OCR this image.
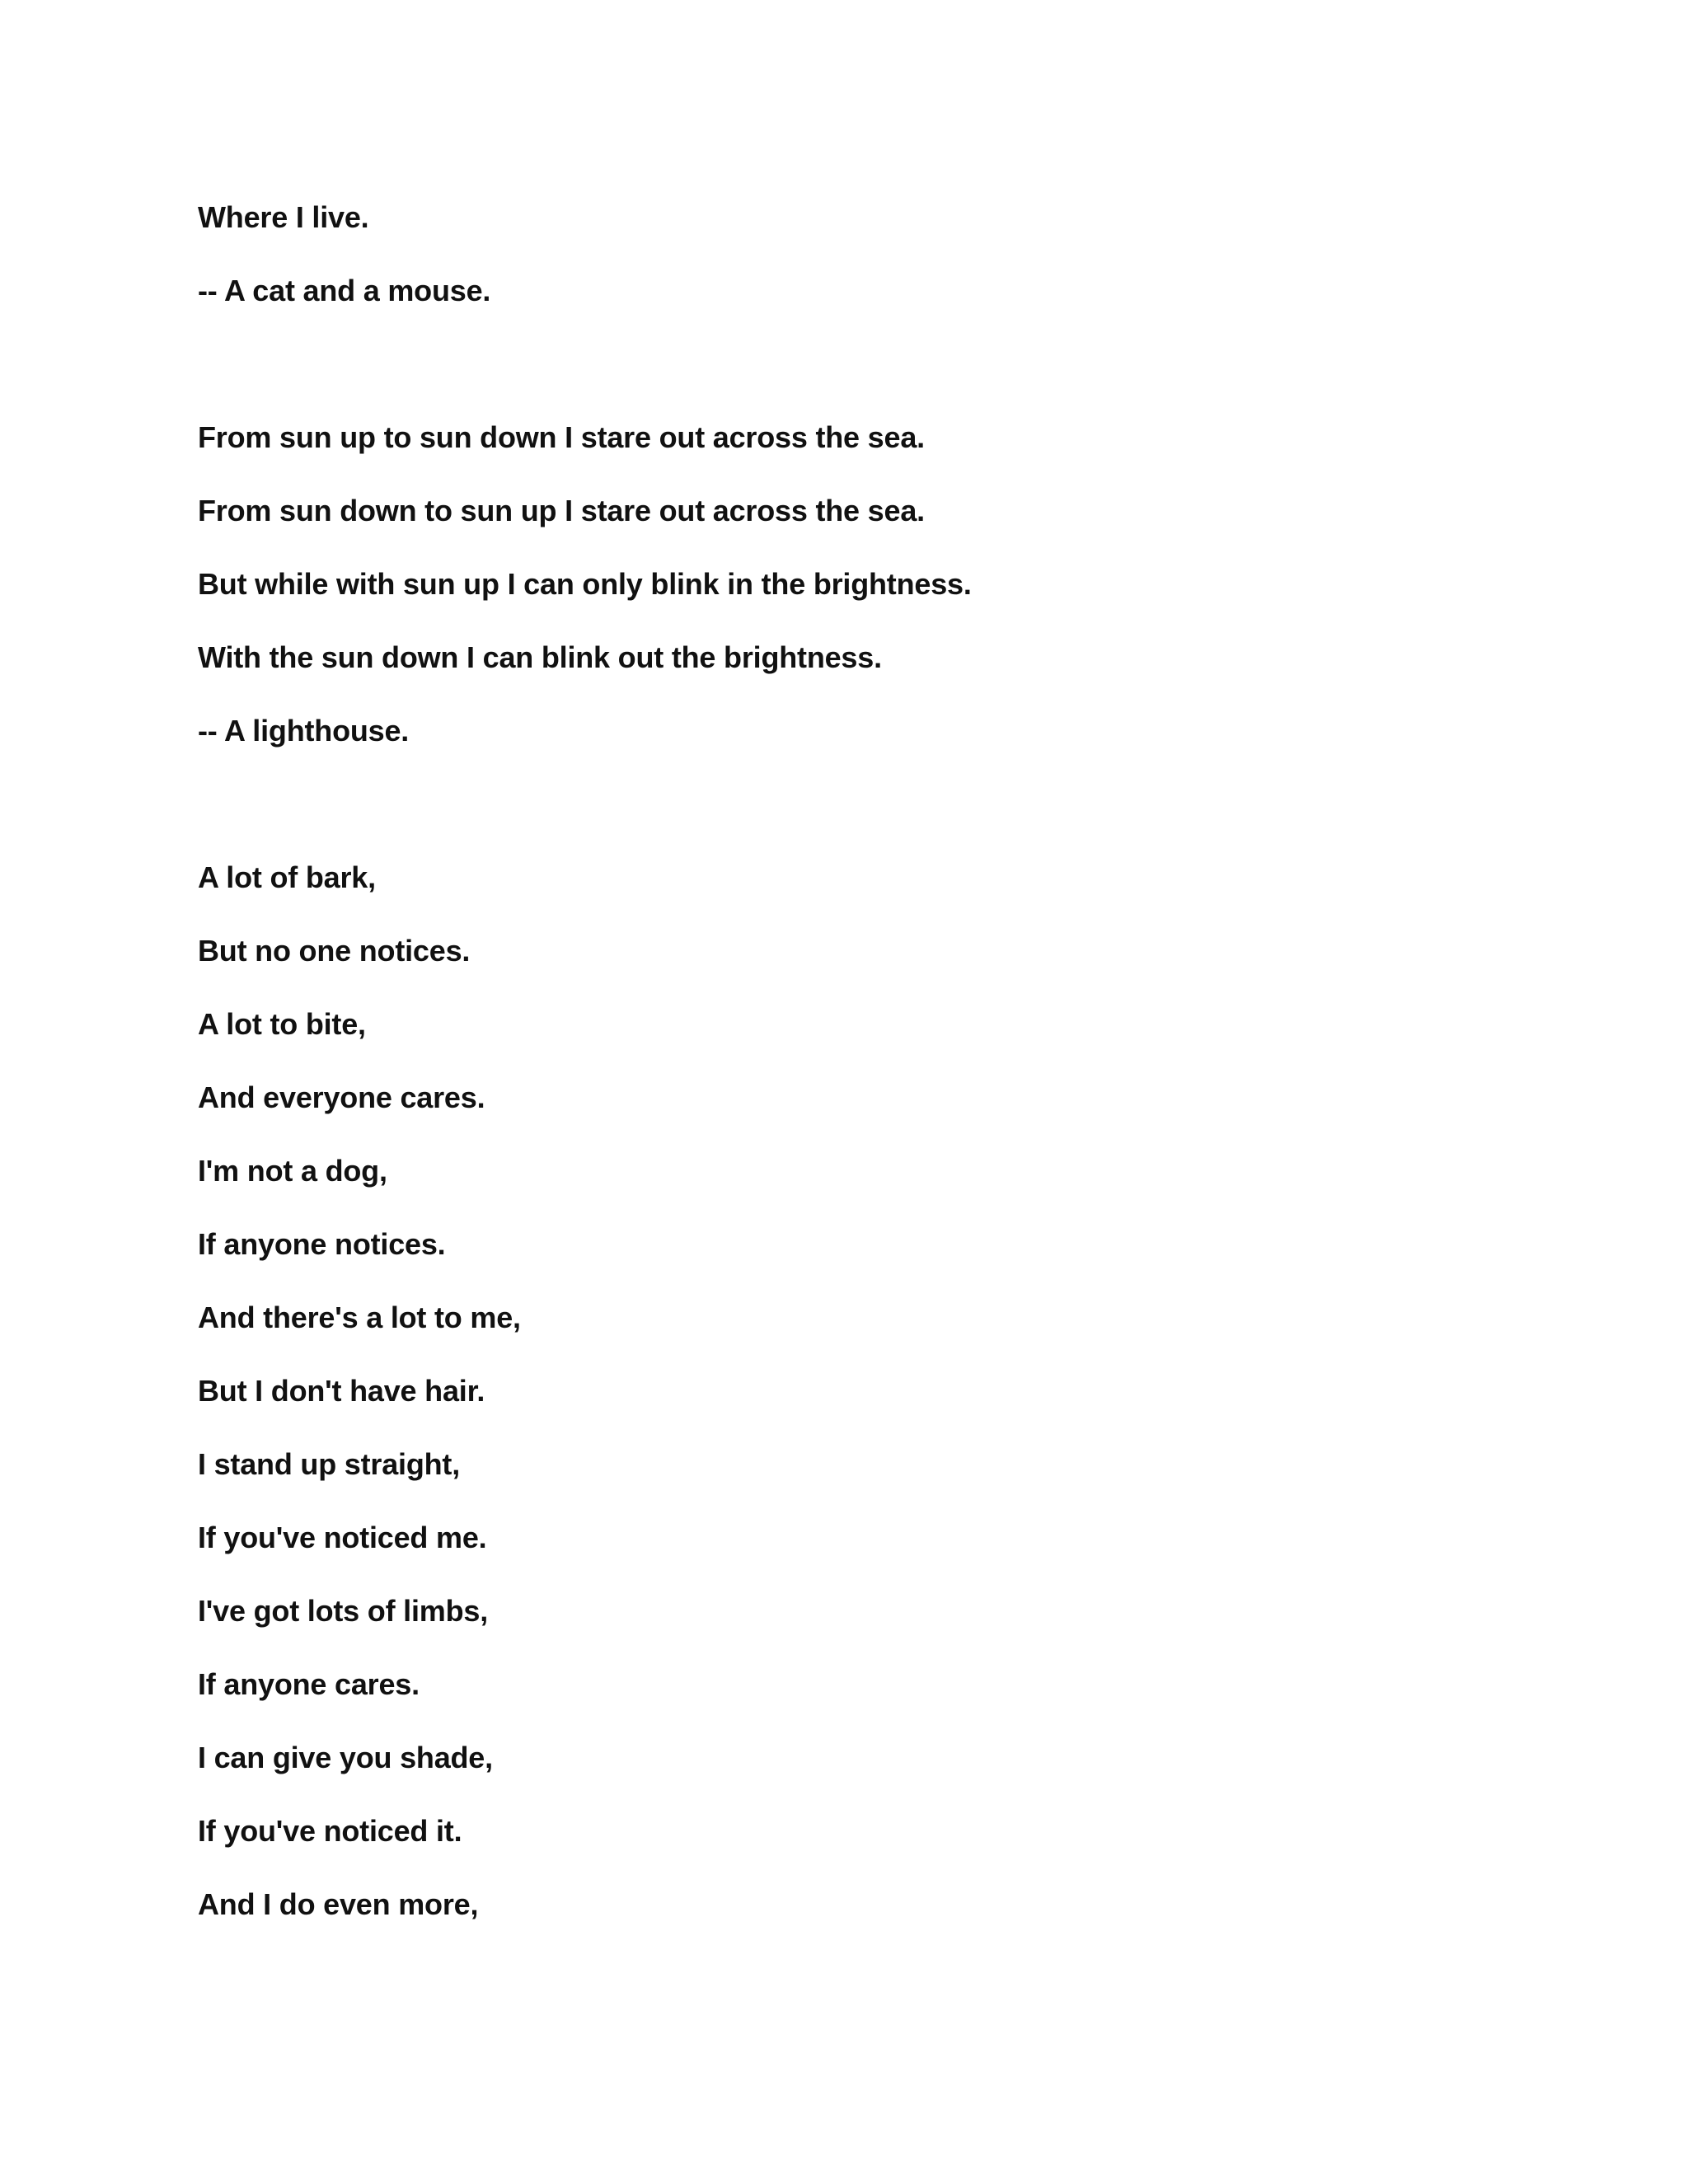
Where I live.

-- A cat and a mouse.

From sun up to sun down I stare out across the sea.

From sun down to sun up I stare out across the sea.

But while with sun up I can only blink in the brightness.

With the sun down I can blink out the brightness.

-- A lighthouse.

A lot of bark,

But no one notices.

A lot to bite,

And everyone cares.

I'm not a dog,

If anyone notices.

And there's a lot to me,

But I don't have hair.

I stand up straight,

If you've noticed me.

I've got lots of limbs,

If anyone cares.

I can give you shade,

If you've noticed it.

And I do even more,
